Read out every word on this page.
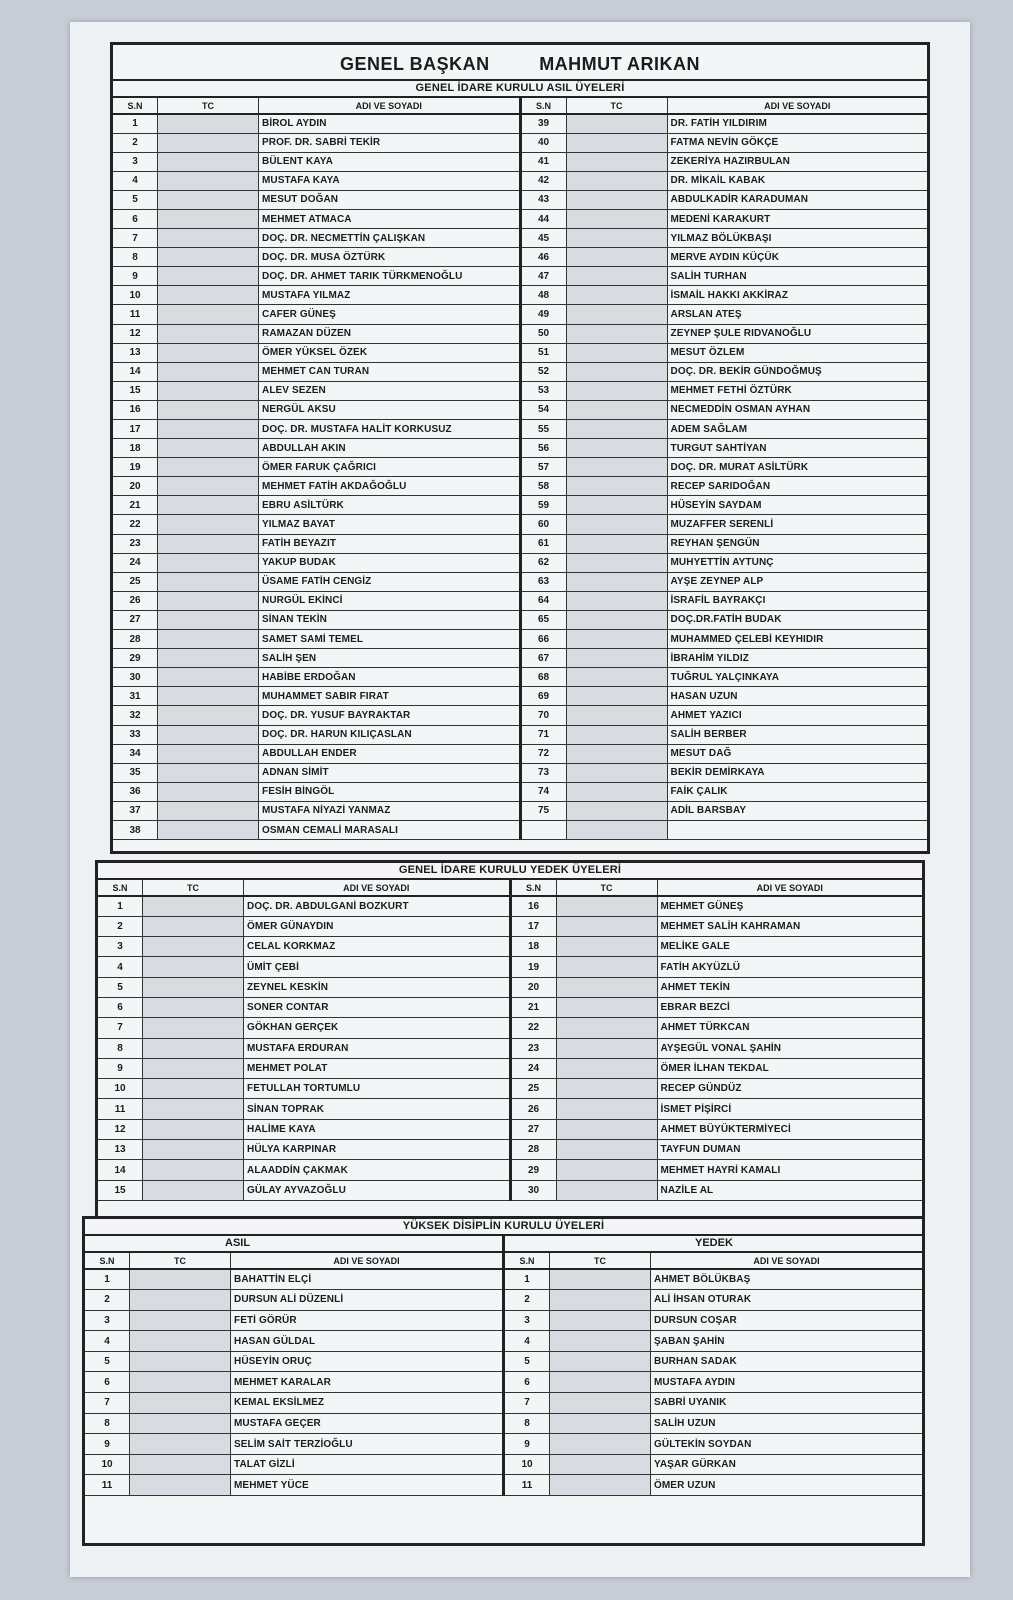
GENEL BAŞKAN	MAHMUT ARIKAN
GENEL İDARE KURULU ASIL ÜYELERİ
S.N	TC	ADI VE SOYADI
1		BİROL AYDIN
2		PROF. DR. SABRİ TEKİR
3		BÜLENT KAYA
4		MUSTAFA KAYA
5		MESUT DOĞAN
6		MEHMET ATMACA
7		DOÇ. DR. NECMETTİN ÇALIŞKAN
8		DOÇ. DR. MUSA ÖZTÜRK
9		DOÇ. DR. AHMET TARIK TÜRKMENOĞLU
10		MUSTAFA YILMAZ
11		CAFER GÜNEŞ
12		RAMAZAN DÜZEN
13		ÖMER YÜKSEL ÖZEK
14		MEHMET CAN TURAN
15		ALEV SEZEN
16		NERGÜL AKSU
17		DOÇ. DR. MUSTAFA HALİT KORKUSUZ
18		ABDULLAH AKIN
19		ÖMER FARUK ÇAĞRICI
20		MEHMET FATİH AKDAĞOĞLU
21		EBRU ASİLTÜRK
22		YILMAZ BAYAT
23		FATİH BEYAZIT
24		YAKUP BUDAK
25		ÜSAME FATİH CENGİZ
26		NURGÜL EKİNCİ
27		SİNAN TEKİN
28		SAMET SAMİ TEMEL
29		SALİH ŞEN
30		HABİBE ERDOĞAN
31		MUHAMMET SABIR FIRAT
32		DOÇ. DR. YUSUF BAYRAKTAR
33		DOÇ. DR. HARUN KILIÇASLAN
34		ABDULLAH ENDER
35		ADNAN SİMİT
36		FESİH BİNGÖL
37		MUSTAFA NİYAZİ YANMAZ
38		OSMAN CEMALİ MARASALI
S.N	TC	ADI VE SOYADI
39		DR. FATİH YILDIRIM
40		FATMA NEVİN GÖKÇE
41		ZEKERİYA HAZIRBULAN
42		DR. MİKAİL KABAK
43		ABDULKADİR KARADUMAN
44		MEDENİ KARAKURT
45		YILMAZ BÖLÜKBAŞI
46		MERVE AYDIN KÜÇÜK
47		SALİH TURHAN
48		İSMAİL HAKKI AKKİRAZ
49		ARSLAN ATEŞ
50		ZEYNEP ŞULE RIDVANOĞLU
51		MESUT ÖZLEM
52		DOÇ. DR. BEKİR GÜNDOĞMUŞ
53		MEHMET FETHİ ÖZTÜRK
54		NECMEDDİN OSMAN AYHAN
55		ADEM SAĞLAM
56		TURGUT SAHTİYAN
57		DOÇ. DR. MURAT ASİLTÜRK
58		RECEP SARIDOĞAN
59		HÜSEYİN SAYDAM
60		MUZAFFER SERENLİ
61		REYHAN ŞENGÜN
62		MUHYETTİN AYTUNÇ
63		AYŞE ZEYNEP ALP
64		İSRAFİL BAYRAKÇI
65		DOÇ.DR.FATİH BUDAK
66		MUHAMMED ÇELEBİ KEYHIDIR
67		İBRAHİM YILDIZ
68		TUĞRUL YALÇINKAYA
69		HASAN UZUN
70		AHMET YAZICI
71		SALİH BERBER
72		MESUT DAĞ
73		BEKİR DEMİRKAYA
74		FAİK ÇALIK
75		ADİL BARSBAY

GENEL İDARE KURULU YEDEK ÜYELERİ
S.N	TC	ADI VE SOYADI
1		DOÇ. DR. ABDULGANİ BOZKURT
2		ÖMER GÜNAYDIN
3		CELAL KORKMAZ
4		ÜMİT ÇEBİ
5		ZEYNEL KESKİN
6		SONER CONTAR
7		GÖKHAN GERÇEK
8		MUSTAFA ERDURAN
9		MEHMET POLAT
10		FETULLAH TORTUMLU
11		SİNAN TOPRAK
12		HALİME KAYA
13		HÜLYA KARPINAR
14		ALAADDİN ÇAKMAK
15		GÜLAY AYVAZOĞLU
S.N	TC	ADI VE SOYADI
16		MEHMET GÜNEŞ
17		MEHMET SALİH KAHRAMAN
18		MELİKE GALE
19		FATİH AKYÜZLÜ
20		AHMET TEKİN
21		EBRAR BEZCİ
22		AHMET TÜRKCAN
23		AYŞEGÜL VONAL ŞAHİN
24		ÖMER İLHAN TEKDAL
25		RECEP GÜNDÜZ
26		İSMET PİŞİRCİ
27		AHMET BÜYÜKTERMİYECİ
28		TAYFUN DUMAN
29		MEHMET HAYRİ KAMALI
30		NAZİLE AL
YÜKSEK DİSİPLİN KURULU ÜYELERİ
ASIL
S.N	TC	ADI VE SOYADI
1		BAHATTİN ELÇİ
2		DURSUN ALİ DÜZENLİ
3		FETİ GÖRÜR
4		HASAN GÜLDAL
5		HÜSEYİN ORUÇ
6		MEHMET KARALAR
7		KEMAL EKSİLMEZ
8		MUSTAFA GEÇER
9		SELİM SAİT TERZİOĞLU
10		TALAT GİZLİ
11		MEHMET YÜCE
YEDEK
S.N	TC	ADI VE SOYADI
1		AHMET BÖLÜKBAŞ
2		ALİ İHSAN OTURAK
3		DURSUN COŞAR
4		ŞABAN ŞAHİN
5		BURHAN SADAK
6		MUSTAFA AYDIN
7		SABRİ UYANIK
8		SALİH UZUN
9		GÜLTEKİN SOYDAN
10		YAŞAR GÜRKAN
11		ÖMER UZUN
